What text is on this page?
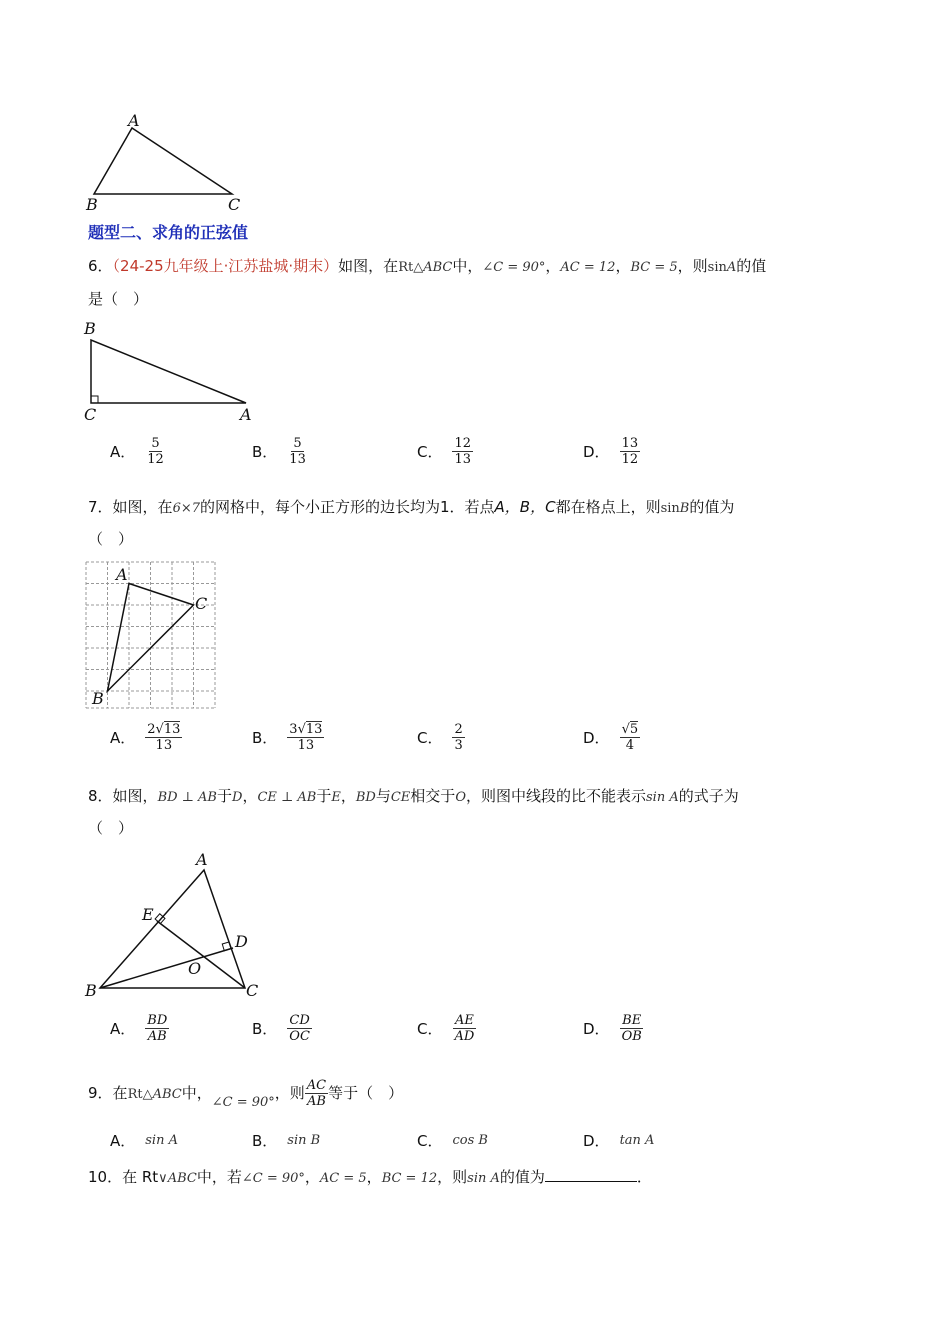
A
B	C
题型二、求角的正弦值
6．（24-25九年级上·江苏盐城·期末）如图，在Rt△ABC中，∠C = 90°，AC = 12，BC = 5，则sinA的值
是（　）
B
C	A
A． $\frac{5}{12}$	B． $\frac{5}{13}$	C． $\frac{12}{13}$	D． $\frac{13}{12}$
7．如图，在6×7的网格中，每个小正方形的边长均为1．若点A，B，C都在格点上，则sinB的值为
（　）
A
C
B
A． $\frac{2√13}{13}$	B． $\frac{3√13}{13}$	C． $\frac{2}{3}$	D． $\frac{√5}{4}$
8．如图，BD ⊥ AB于D，CE ⊥ AB于E，BD与CE相交于O，则图中线段的比不能表示sin A的式子为
（　）
A
E
D
O
B	C
A． $\frac{BD}{AB}$	B． $\frac{CD}{OC}$	C． $\frac{AE}{AD}$	D． $\frac{BE}{OB}$
9．在Rt△ABC中，∠C = 90°，则 $\frac{AC}{AB}$ 等于（　）
A． sin A	B． sin B	C． cos B	D． tan A
10．在 Rt∨ABC中，若∠C = 90°，AC = 5，BC = 12，则sin A的值为	．
